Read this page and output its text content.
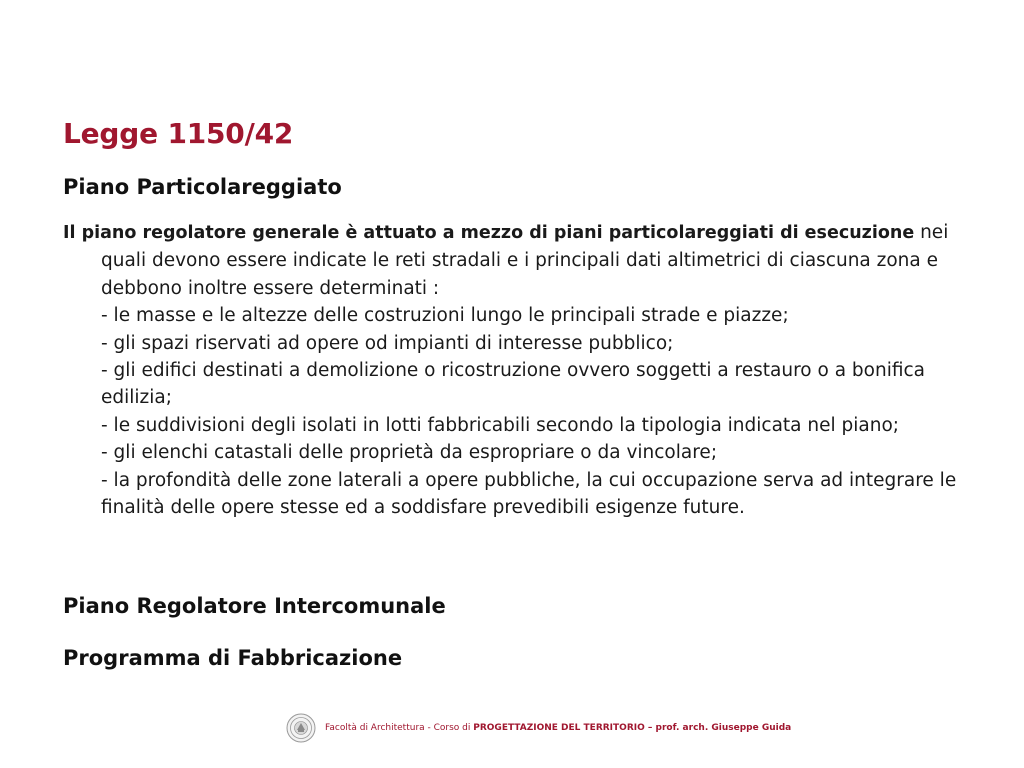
Legge 1150/42
Piano Particolareggiato
Il piano regolatore generale è attuato a mezzo di piani particolareggiati di esecuzione nei quali devono essere indicate le reti stradali e i principali dati altimetrici di ciascuna zona e debbono inoltre essere determinati :
- le masse e le altezze delle costruzioni lungo le principali strade e piazze;
- gli spazi riservati ad opere od impianti di interesse pubblico;
- gli edifici destinati a demolizione o ricostruzione ovvero soggetti a restauro o a bonifica edilizia;
- le suddivisioni degli isolati in lotti fabbricabili secondo la tipologia indicata nel piano;
- gli elenchi catastali delle proprietà da espropriare o da vincolare;
- la profondità delle zone laterali a opere pubbliche, la cui occupazione serva ad integrare le finalità delle opere stesse ed a soddisfare prevedibili esigenze future.
Piano Regolatore Intercomunale
Programma di Fabbricazione
Facoltà di Architettura - Corso di PROGETTAZIONE DEL TERRITORIO – prof. arch. Giuseppe Guida
